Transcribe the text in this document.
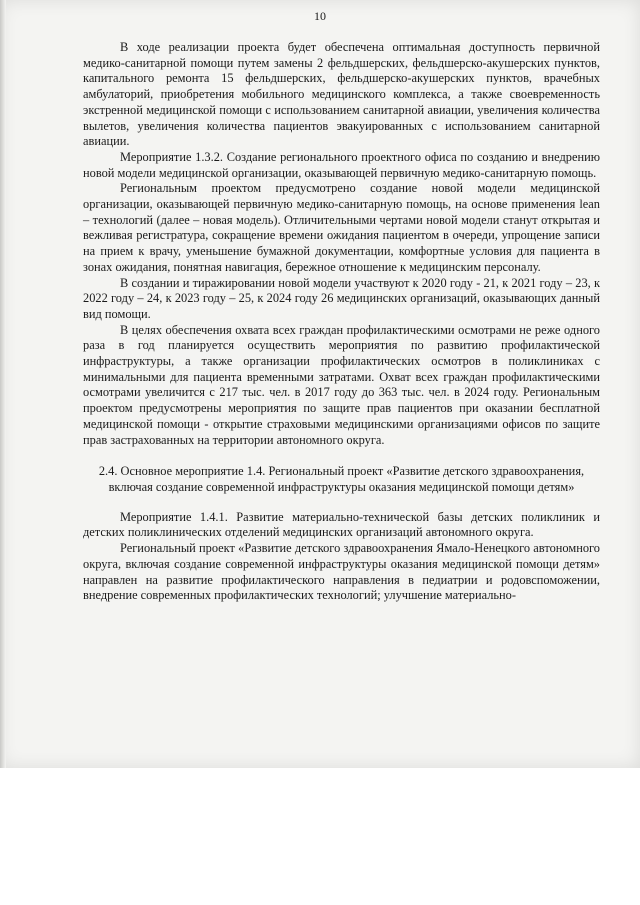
10

В ходе реализации проекта будет обеспечена оптимальная доступность первичной медико-санитарной помощи путем замены 2 фельдшерских, фельдшерско-акушерских пунктов, капитального ремонта 15 фельдшерских, фельдшерско-акушерских пунктов, врачебных амбулаторий, приобретения мобильного медицинского комплекса, а также своевременность экстренной медицинской помощи с использованием санитарной авиации, увеличения количества вылетов, увеличения количества пациентов эвакуированных с использованием санитарной авиации.

Мероприятие 1.3.2. Создание регионального проектного офиса по созданию и внедрению новой модели медицинской организации, оказывающей первичную медико-санитарную помощь.

Региональным проектом предусмотрено создание новой модели медицинской организации, оказывающей первичную медико-санитарную помощь, на основе применения lean – технологий (далее – новая модель). Отличительными чертами новой модели станут открытая и вежливая регистратура, сокращение времени ожидания пациентом в очереди, упрощение записи на прием к врачу, уменьшение бумажной документации, комфортные условия для пациента в зонах ожидания, понятная навигация, бережное отношение к медицинским персоналу.

В создании и тиражировании новой модели участвуют к 2020 году - 21, к 2021 году – 23, к 2022 году – 24, к 2023 году – 25, к 2024 году 26 медицинских организаций, оказывающих данный вид помощи.

В целях обеспечения охвата всех граждан профилактическими осмотрами не реже одного раза в год планируется осуществить мероприятия по развитию профилактической инфраструктуры, а также организации профилактических осмотров в поликлиниках с минимальными для пациента временными затратами. Охват всех граждан профилактическими осмотрами увеличится с 217 тыс. чел. в 2017 году до 363 тыс. чел. в 2024 году. Региональным проектом предусмотрены мероприятия по защите прав пациентов при оказании бесплатной медицинской помощи - открытие страховыми медицинскими организациями офисов по защите прав застрахованных на территории автономного округа.

2.4. Основное мероприятие 1.4. Региональный проект «Развитие детского здравоохранения, включая создание современной инфраструктуры оказания медицинской помощи детям»

Мероприятие 1.4.1. Развитие материально-технической базы детских поликлиник и детских поликлинических отделений медицинских организаций автономного округа.

Региональный проект «Развитие детского здравоохранения Ямало-Ненецкого автономного округа, включая создание современной инфраструктуры оказания медицинской помощи детям» направлен на развитие профилактического направления в педиатрии и родовспоможении, внедрение современных профилактических технологий; улучшение материально-
